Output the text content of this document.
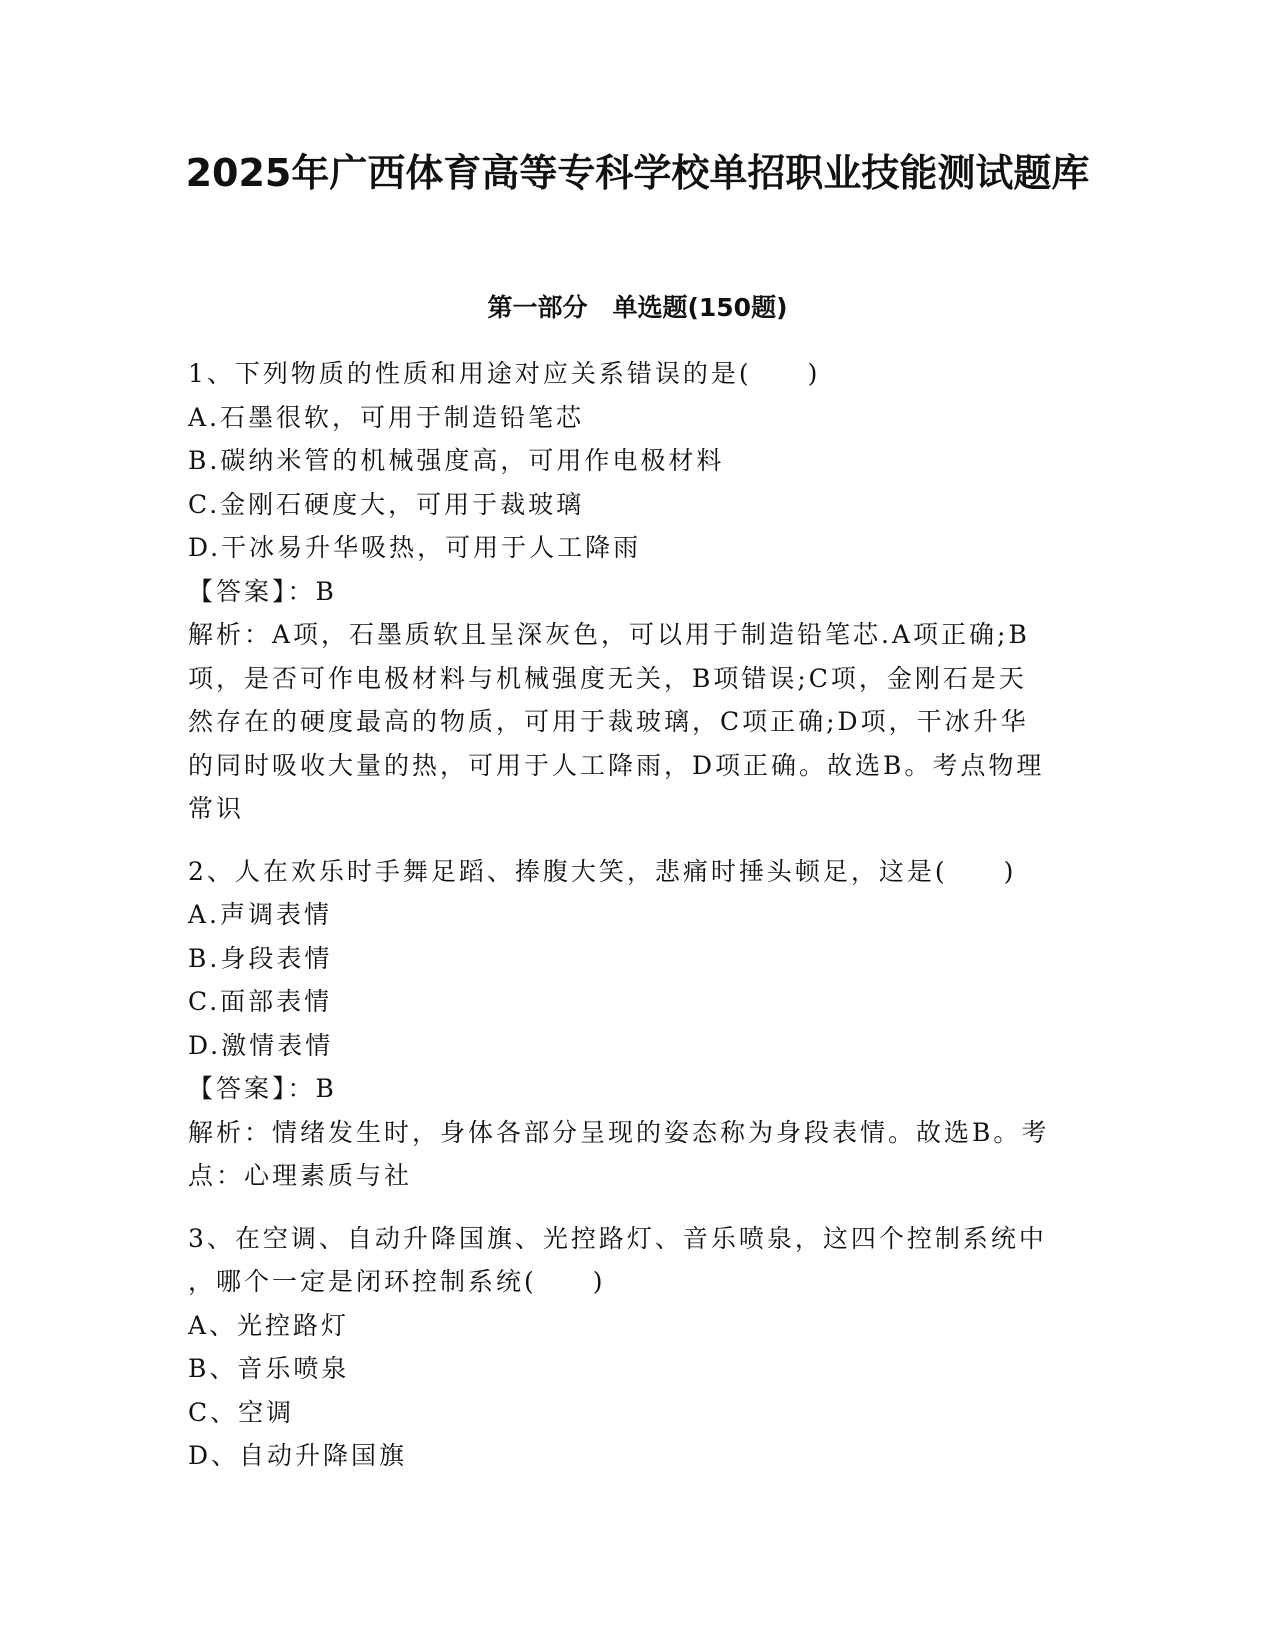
2025年广西体育高等专科学校单招职业技能测试题库
第一部分　单选题(150题)
1、下列物质的性质和用途对应关系错误的是(　　)
A.石墨很软，可用于制造铅笔芯
B.碳纳米管的机械强度高，可用作电极材料
C.金刚石硬度大，可用于裁玻璃
D.干冰易升华吸热，可用于人工降雨
【答案】：B
解析：A项，石墨质软且呈深灰色，可以用于制造铅笔芯.A项正确;B
项，是否可作电极材料与机械强度无关，B项错误;C项，金刚石是天
然存在的硬度最高的物质，可用于裁玻璃，C项正确;D项，干冰升华
的同时吸收大量的热，可用于人工降雨，D项正确。故选B。考点物理
常识
2、人在欢乐时手舞足蹈、捧腹大笑，悲痛时捶头顿足，这是(　　)
A.声调表情
B.身段表情
C.面部表情
D.激情表情
【答案】：B
解析：情绪发生时，身体各部分呈现的姿态称为身段表情。故选B。考
点：心理素质与社
3、在空调、自动升降国旗、光控路灯、音乐喷泉，这四个控制系统中
，哪个一定是闭环控制系统(　　)
A、光控路灯
B、音乐喷泉
C、空调
D、自动升降国旗
